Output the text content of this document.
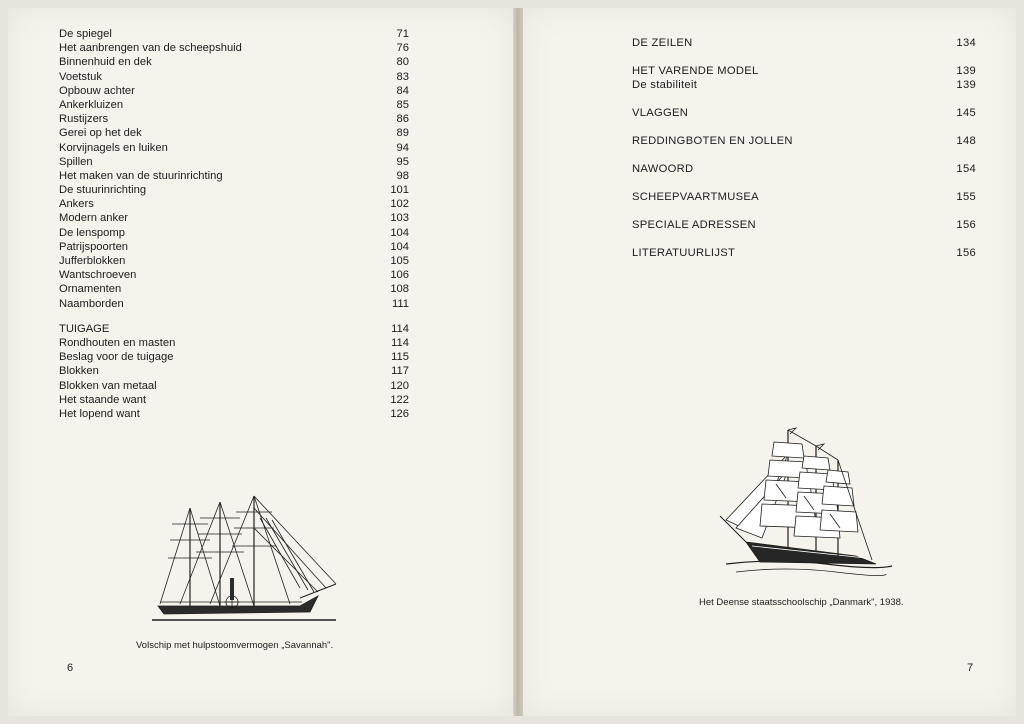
De spiegel	71
Het aanbrengen van de scheepshuid	76
Binnenhuid en dek	80
Voetstuk	83
Opbouw achter	84
Ankerkluizen	85
Rustijzers	86
Gerei op het dek	89
Korvijnagels en luiken	94
Spillen	95
Het maken van de stuurinrichting	98
De stuurinrichting	101
Ankers	102
Modern anker	103
De lenspomp	104
Patrijspoorten	104
Jufferblokken	105
Wantschroeven	106
Ornamenten	108
Naamborden	111
TUIGAGE	114
Rondhouten en masten	114
Beslag voor de tuigage	115
Blokken	117
Blokken van metaal	120
Het staande want	122
Het lopend want	126
Volschip met hulpstoomvermogen „Savannah".
6
DE ZEILEN	134
HET VARENDE MODEL	139
De stabiliteit	139
VLAGGEN	145
REDDINGBOTEN EN JOLLEN	148
NAWOORD	154
SCHEEPVAARTMUSEA	155
SPECIALE ADRESSEN	156
LITERATUURLIJST	156
Het Deense staatsschoolschip „Danmark", 1938.
7
